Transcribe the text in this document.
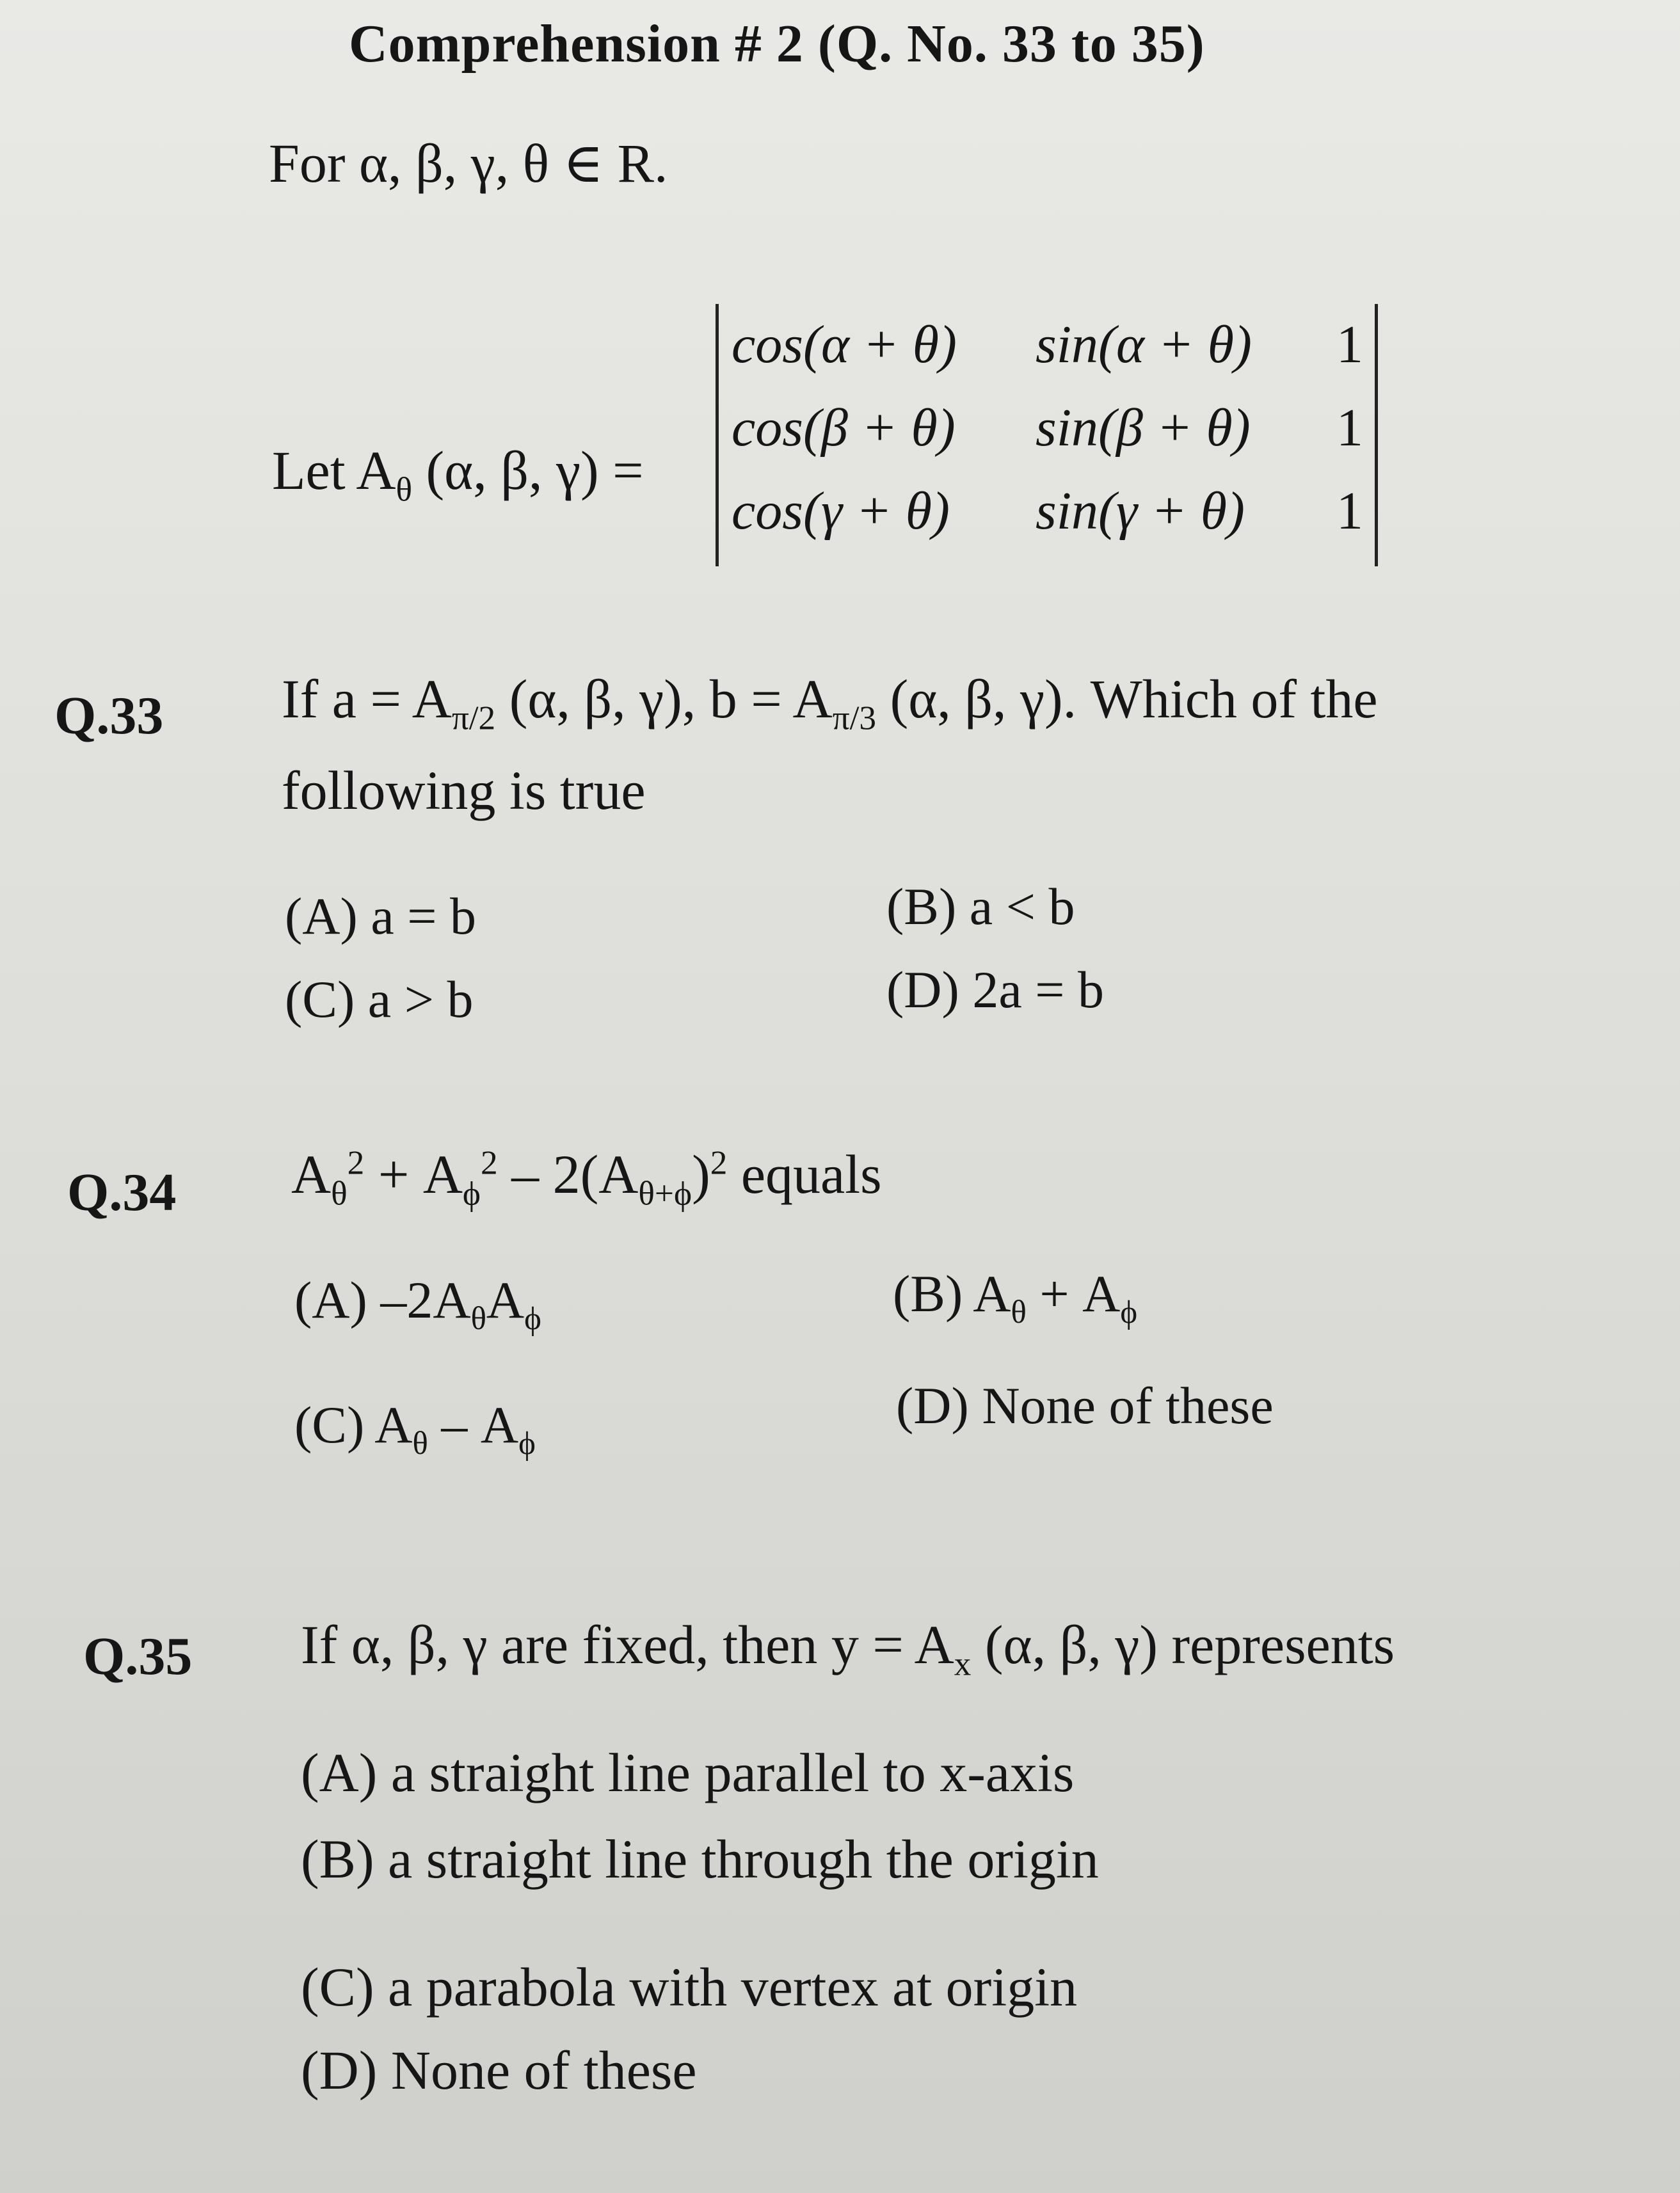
Comprehension # 2 (Q. No. 33 to 35)
For α, β, γ, θ ∈ R.
Let $A_\theta$ (α, β, γ) =
cos(α + θ) sin(α + θ) 1
cos(β + θ) sin(β + θ) 1
cos(γ + θ) sin(γ + θ) 1
Q.33 If $a = A_{\pi/2}$ (α, β, γ), $b = A_{\pi/3}$ (α, β, γ). Which of the
following is true
(A) a = b	(B) a < b
(C) a > b	(D) 2a = b
Q.34 $A_\theta^2 + A_\phi^2 - 2(A_{\theta+\phi})^2$ equals
(A) $-2A_\theta A_\phi$	(B) $A_\theta + A_\phi$
(C) $A_\theta - A_\phi$
(D) None of these
Q.35 If α, β, γ are fixed, then $y = A_x$ (α, β, γ) represents
(A) a straight line parallel to x-axis
(B) a straight line through the origin
(C) a parabola with vertex at origin
(D) None of these
